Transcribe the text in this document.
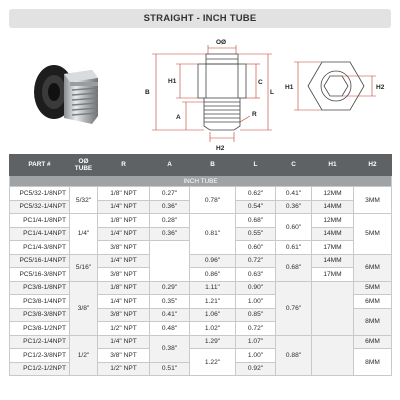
STRAIGHT - INCH TUBE
OØ
B
H1	C
A
H2
R
L
H1	H2
PART #	OØ
TUBE	R	A	B	L	C	H1	H2
INCH TUBE								
PC5/32-1/8NPT	5/32"	1/8" NPT	0.27"	0.78"	0.62"	0.41"	12MM	3MM
PC5/32-1/4NPT		1/4" NPT	0.36"		0.54"	0.36"	14MM	
PC1/4-1/8NPT	1/4"	1/8" NPT	0.28"	0.81"	0.68"	0.60"	12MM	5MM
PC1/4-1/4NPT		1/4" NPT	0.36"		0.55"		14MM	
PC1/4-3/8NPT		3/8" NPT			0.60"	0.61"	17MM	
PC5/16-1/4NPT	5/16"	1/4" NPT		0.96"	0.72"	0.68"	14MM	6MM
PC5/16-3/8NPT		3/8" NPT		0.86"	0.63"		17MM	
PC3/8-1/8NPT	3/8"	1/8" NPT	0.29"	1.11"	0.90"	0.76"		5MM
PC3/8-1/4NPT		1/4" NPT	0.35"	1.21"	1.00"			6MM
PC3/8-3/8NPT		3/8" NPT	0.41"	1.06"	0.85"			8MM
PC3/8-1/2NPT		1/2" NPT	0.48"	1.02"	0.72"			
PC1/2-1/4NPT	1/2"	1/4" NPT	0.38"	1.29"	1.07"	0.88"		6MM
PC1/2-3/8NPT		3/8" NPT		1.22"	1.00"			8MM
PC1/2-1/2NPT		1/2" NPT	0.51"		0.92"			
